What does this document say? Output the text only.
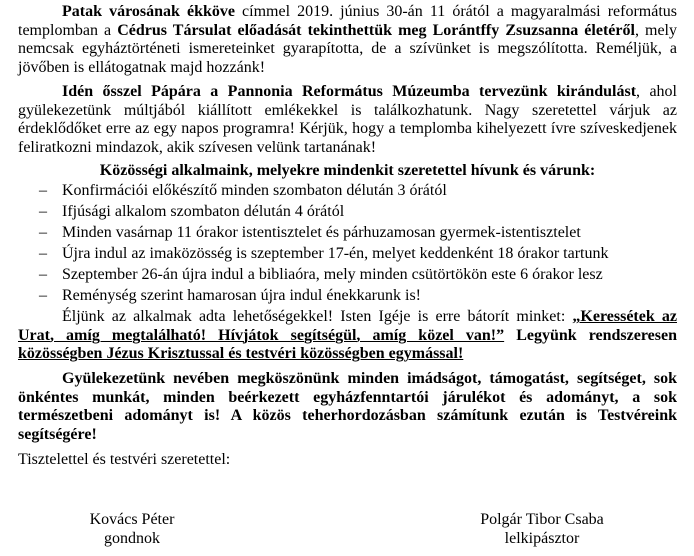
Patak városának ékköve címmel 2019. június 30-án 11 órától a magyaralmási református templomban a Cédrus Társulat előadását tekinthettük meg Lorántffy Zsuzsanna életéről, mely nemcsak egyháztörténeti ismereteinket gyarapította, de a szívünket is megszólította. Reméljük, a jövőben is ellátogatnak majd hozzánk!

Idén ősszel Pápára a Pannonia Református Múzeumba tervezünk kirándulást, ahol gyülekezetünk múltjából kiállított emlékekkel is találkozhatunk. Nagy szeretettel várjuk az érdeklődőket erre az egy napos programra! Kérjük, hogy a templomba kihelyezett ívre szíveskedjenek feliratkozni mindazok, akik szívesen velünk tartanának!

Közösségi alkalmaink, melyekre mindenkit szeretettel hívunk és várunk:

– Konfirmációi előkészítő minden szombaton délután 3 órától
– Ifjúsági alkalom szombaton délután 4 órától
– Minden vasárnap 11 órakor istentisztelet és párhuzamosan gyermek-istentisztelet
– Újra indul az imaközösség is szeptember 17-én, melyet keddenként 18 órakor tartunk
– Szeptember 26-án újra indul a bibliaóra, mely minden csütörtökön este 6 órakor lesz
– Reménység szerint hamarosan újra indul énekkarunk is!

Éljünk az alkalmak adta lehetőségekkel! Isten Igéje is erre bátorít minket: „Keressétek az Urat, amíg megtalálható! Hívjátok segítségül, amíg közel van!” Legyünk rendszeresen közösségben Jézus Krisztussal és testvéri közösségben egymással!

Gyülekezetünk nevében megköszönünk minden imádságot, támogatást, segítséget, sok önkéntes munkát, minden beérkezett egyházfenntartói járulékot és adományt, a sok természetbeni adományt is! A közös teherhordozásban számítunk ezután is Testvéreink segítségére!

Tisztelettel és testvéri szeretettel:

Kovács Péter
gondnok
Polgár Tibor Csaba
lelkipásztor
